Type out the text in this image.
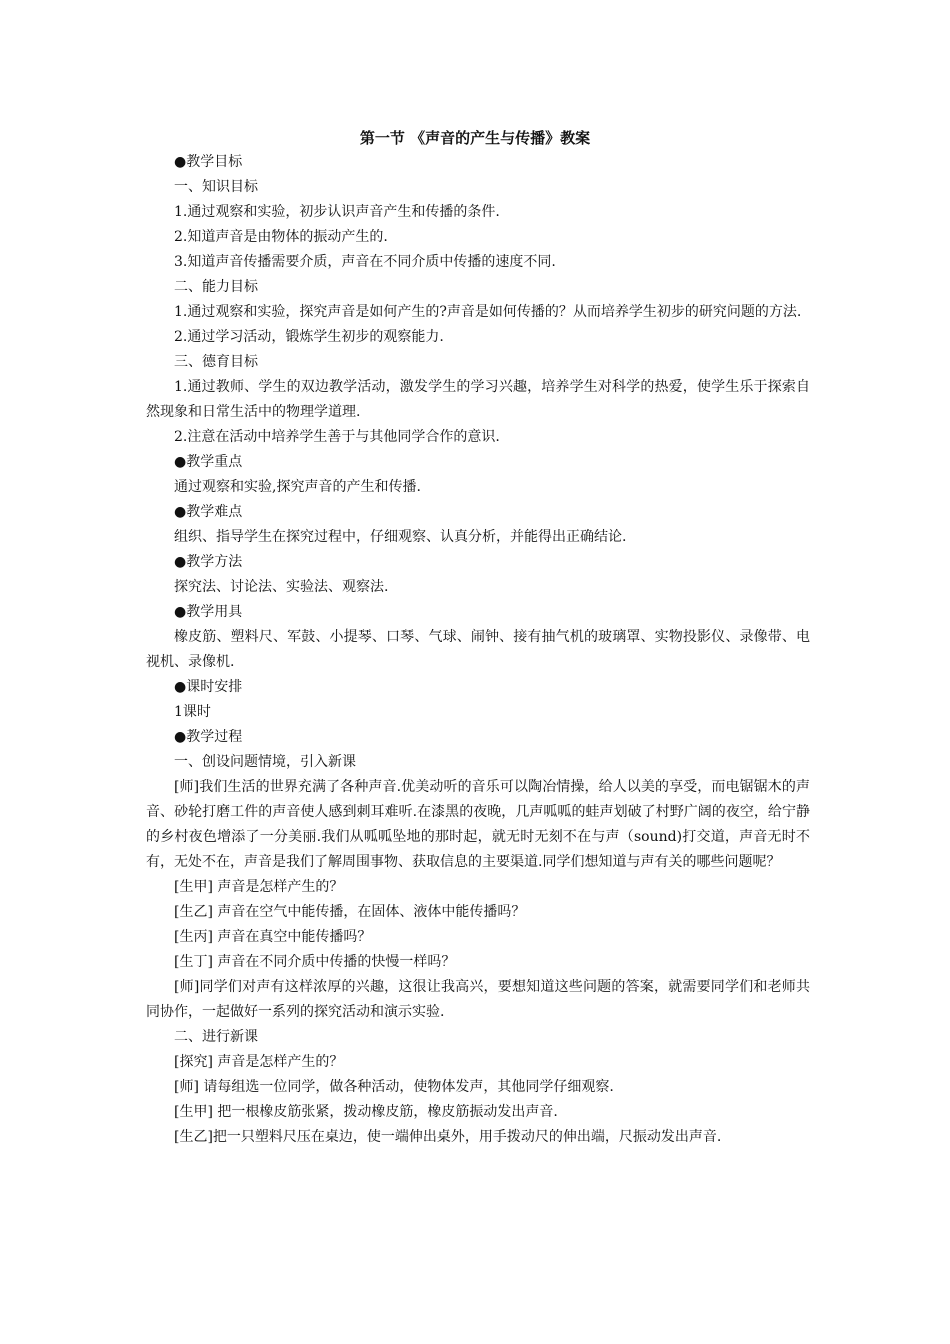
第一节 《声音的产生与传播》教案

●教学目标

一、知识目标

1.通过观察和实验，初步认识声音产生和传播的条件.

2.知道声音是由物体的振动产生的.

3.知道声音传播需要介质，声音在不同介质中传播的速度不同.

二、能力目标

1.通过观察和实验，探究声音是如何产生的?声音是如何传播的？从而培养学生初步的研究问题的方法.

2.通过学习活动，锻炼学生初步的观察能力.

三、德育目标

1.通过教师、学生的双边教学活动，激发学生的学习兴趣，培养学生对科学的热爱，使学生乐于探索自然现象和日常生活中的物理学道理.

2.注意在活动中培养学生善于与其他同学合作的意识.

●教学重点

通过观察和实验,探究声音的产生和传播.

●教学难点

组织、指导学生在探究过程中，仔细观察、认真分析，并能得出正确结论.

●教学方法

探究法、讨论法、实验法、观察法.

●教学用具

橡皮筋、塑料尺、军鼓、小提琴、口琴、气球、闹钟、接有抽气机的玻璃罩、实物投影仪、录像带、电视机、录像机.

●课时安排

1课时

●教学过程

一、创设问题情境，引入新课

[师]我们生活的世界充满了各种声音.优美动听的音乐可以陶冶情操，给人以美的享受，而电锯锯木的声音、砂轮打磨工件的声音使人感到刺耳难听.在漆黑的夜晚，几声呱呱的蛙声划破了村野广阔的夜空，给宁静的乡村夜色增添了一分美丽.我们从呱呱坠地的那时起，就无时无刻不在与声（sound)打交道，声音无时不有，无处不在，声音是我们了解周围事物、获取信息的主要渠道.同学们想知道与声有关的哪些问题呢？

[生甲] 声音是怎样产生的？

[生乙] 声音在空气中能传播，在固体、液体中能传播吗？

[生丙] 声音在真空中能传播吗？

[生丁] 声音在不同介质中传播的快慢一样吗？

[师]同学们对声有这样浓厚的兴趣，这很让我高兴，要想知道这些问题的答案，就需要同学们和老师共同协作，一起做好一系列的探究活动和演示实验.

二、进行新课

[探究] 声音是怎样产生的？

[师] 请每组选一位同学，做各种活动，使物体发声，其他同学仔细观察.

[生甲] 把一根橡皮筋张紧，拨动橡皮筋，橡皮筋振动发出声音.

[生乙]把一只塑料尺压在桌边，使一端伸出桌外，用手拨动尺的伸出端，尺振动发出声音.
